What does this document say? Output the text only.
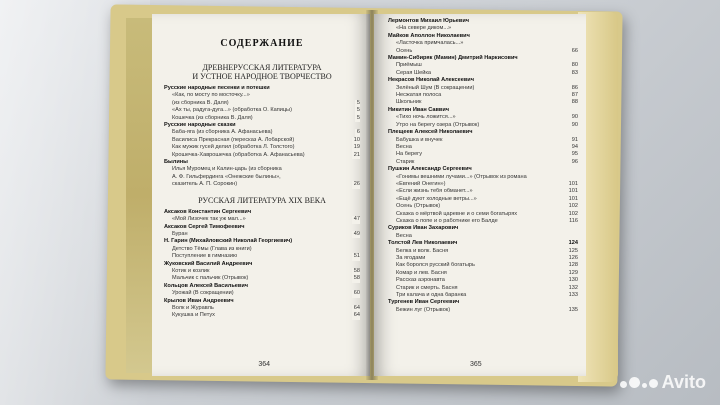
СОДЕРЖАНИЕ
ДРЕВНЕРУССКАЯ ЛИТЕРАТУРА
И УСТНОЕ НАРОДНОЕ ТВОРЧЕСТВО
Русские народные песенки и потешки
«Как, по мосту по мосточку...»
(из сборника В. Даля)	5
«Ах ты, радуга-дуга...» (обработка О. Капицы)	5
Кошечка (из сборника В. Даля)	5
Русские народные сказки
Баба-яга (из сборника А. Афанасьева)	6
Василиса Прекрасная (пересказ А. Лобарской)	10
Как мужик гусей делил (обработка Л. Толстого)	19
Крошечка-Хаврошечка (обработка А. Афанасьева)	21
Былины
Илья Муромец и Калин-царь (из сборника
А. Ф. Гильфердинга «Онежские былины»,
сказитель А. П. Сорокин)	26
РУССКАЯ ЛИТЕРАТУРА XIX ВЕКА
Аксаков Константин Сергеевич
«Мой Лизочек так уж мал...»	47
Аксаков Сергей Тимофеевич
Буран	49
Н. Гарин (Михайловский Николай Георгиевич)
Детство Тёмы (Глава из книги)
Поступление в гимназию	51
Жуковский Василий Андреевич
Котик и козлик	58
Мальчик с пальчик (Отрывок)	58
Кольцов Алексей Васильевич
Урожай (В сокращении)	60
Крылов Иван Андреевич
Волк и Журавль	64
Кукушка и Петух	64
364
Лермонтов Михаил Юрьевич
«На севере диком...»
Майков Аполлон Николаевич
«Ласточка примчалась...»
Осень	66
Мамин-Сибиряк (Мамин) Дмитрий Наркисович
Приёмыш	80
Серая Шейка	83
Некрасов Николай Алексеевич
Зелёный Шум (В сокращении)	86
Несжатая полоса	87
Школьник	88
Никитин Иван Саввич
«Тихо ночь ложится...»	90
Утро на берегу озера (Отрывок)	90
Плещеев Алексей Николаевич
Бабушка и внучек	91
Весна	94
На берегу	95
Старик	96
Пушкин Александр Сергеевич
«Гонимы вешними лучами...» (Отрывок из романа
«Евгений Онегин»)	101
«Если жизнь тебя обманет...»	101
«Ещё дуют холодные ветры...»	101
Осень (Отрывок)	102
Сказка о мёртвой царевне и о семи богатырях	102
Сказка о попе и о работнике его Балде	116
Суриков Иван Захарович
Весна
Толстой Лев Николаевич	124
Белка и волк. Басня	125
За ягодами	126
Как боролся русский богатырь	128
Комар и лев. Басня	129
Рассказ аэронавта	130
Старик и смерть. Басня	132
Три калача и одна баранка	133
Тургенев Иван Сергеевич
Бежин луг (Отрывок)	135
365
Avito
